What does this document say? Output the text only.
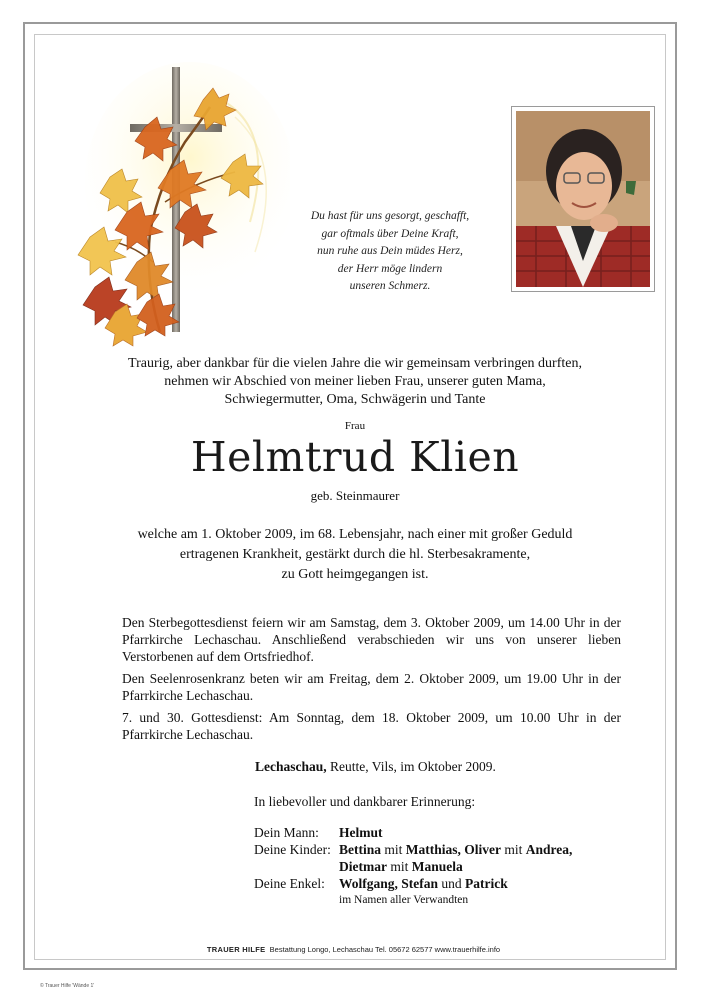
Du hast für uns gesorgt, geschafft,
gar oftmals über Deine Kraft,
nun ruhe aus Dein müdes Herz,
der Herr möge lindern
unseren Schmerz.
Traurig, aber dankbar für die vielen Jahre die wir gemeinsam verbringen durften,
nehmen wir Abschied von meiner lieben Frau, unserer guten Mama,
Schwiegermutter, Oma, Schwägerin und Tante
Frau
Helmtrud Klien
geb. Steinmaurer
welche am 1. Oktober 2009, im 68. Lebensjahr, nach einer mit großer Geduld
ertragenen Krankheit, gestärkt durch die hl. Sterbesakramente,
zu Gott heimgegangen ist.

Den Sterbegottesdienst feiern wir am Samstag, dem 3. Oktober 2009, um 14.00 Uhr in der Pfarrkirche Lechaschau. Anschließend verabschieden wir uns von unserer lieben Verstorbenen auf dem Ortsfriedhof.

Den Seelenrosenkranz beten wir am Freitag, dem 2. Oktober 2009, um 19.00 Uhr in der Pfarrkirche Lechaschau.

7. und 30. Gottesdienst: Am Sonntag, dem 18. Oktober 2009, um 10.00 Uhr in der Pfarrkirche Lechaschau.

Lechaschau, Reutte, Vils, im Oktober 2009.
In liebevoller und dankbarer Erinnerung:
Dein Mann: Helmut
Deine Kinder: Bettina mit Matthias, Oliver mit Andrea,
Dietmar mit Manuela
Deine Enkel: Wolfgang, Stefan und Patrick
im Namen aller Verwandten
TRAUER HILFE Bestattung Longo, Lechaschau Tel. 05672 62577 www.trauerhilfe.info
© Trauer Hilfe 'Wände 1'
